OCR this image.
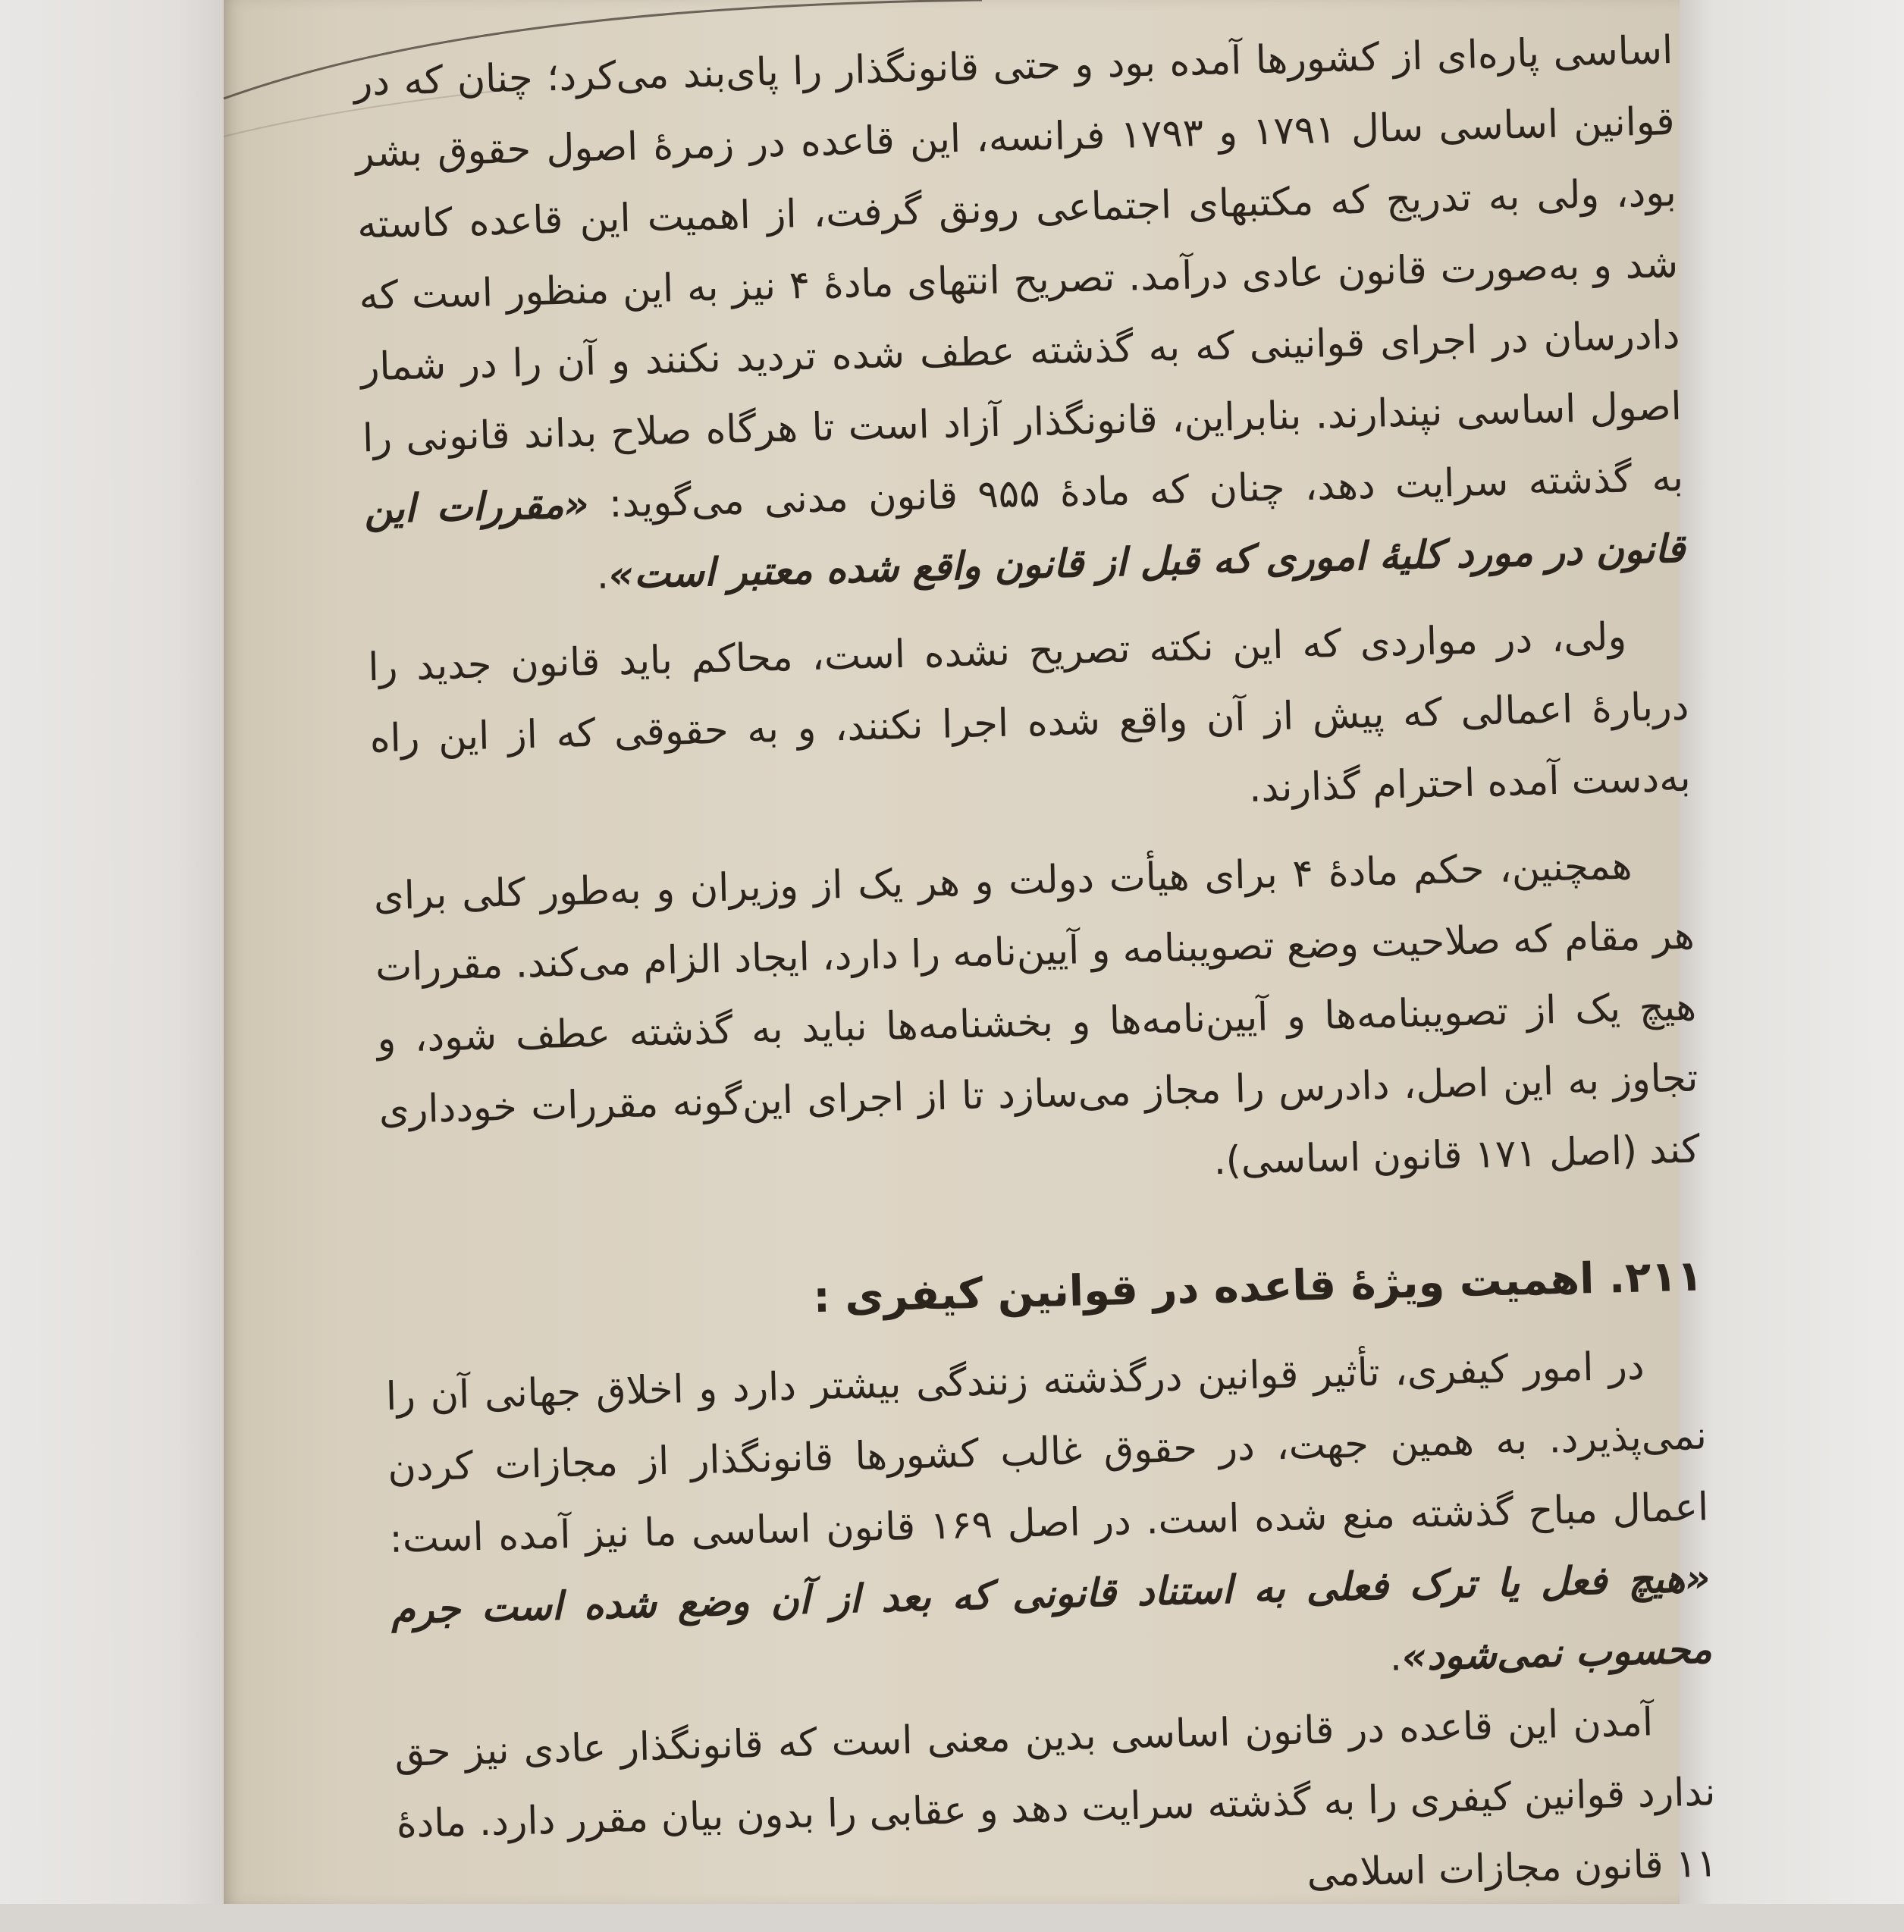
اساسی پاره‌ای از کشورها آمده بود و حتی قانونگذار را پای‌بند می‌کرد؛ چنان که در قوانین اساسی سال ۱۷۹۱ و ۱۷۹۳ فرانسه، این قاعده در زمرهٔ اصول حقوق بشر بود، ولی به تدریج که مکتبهای اجتماعی رونق گرفت، از اهمیت این قاعده کاسته شد و به‌صورت قانون عادی درآمد. تصریح انتهای مادهٔ ۴ نیز به این منظور است که دادرسان در اجرای قوانینی که به گذشته عطف شده تردید نکنند و آن را در شمار اصول اساسی نپندارند. بنابراین، قانونگذار آزاد است تا هرگاه صلاح بداند قانونی را به گذشته سرایت دهد، چنان که مادهٔ ۹۵۵ قانون مدنی می‌گوید: «مقررات این قانون در مورد کلیهٔ اموری که قبل از قانون واقع شده معتبر است».

ولی، در مواردی که این نکته تصریح نشده است، محاکم باید قانون جدید را دربارهٔ اعمالی که پیش از آن واقع شده اجرا نکنند، و به حقوقی که از این راه به‌دست آمده احترام گذارند.

همچنین، حکم مادهٔ ۴ برای هیأت دولت و هر یک از وزیران و به‌طور کلی برای هر مقام که صلاحیت وضع تصویبنامه و آیین‌نامه را دارد، ایجاد الزام می‌کند. مقررات هیچ یک از تصویبنامه‌ها و آیین‌نامه‌ها و بخشنامه‌ها نباید به گذشته عطف شود، و تجاوز به این اصل، دادرس را مجاز می‌سازد تا از اجرای این‌گونه مقررات خودداری کند (اصل ۱۷۱ قانون اساسی).

۲۱۱. اهمیت ویژهٔ قاعده در قوانین کیفری :

در امور کیفری، تأثیر قوانین درگذشته زنندگی بیشتر دارد و اخلاق جهانی آن را نمی‌پذیرد. به همین جهت، در حقوق غالب کشورها قانونگذار از مجازات کردن اعمال مباح گذشته منع شده است. در اصل ۱۶۹ قانون اساسی ما نیز آمده است: «هیچ فعل یا ترک فعلی به استناد قانونی که بعد از آن وضع شده است جرم محسوب نمی‌شود».

آمدن این قاعده در قانون اساسی بدین معنی است که قانونگذار عادی نیز حق ندارد قوانین کیفری را به گذشته سرایت دهد و عقابی را بدون بیان مقرر دارد. مادهٔ ۱۱ قانون مجازات اسلامی
